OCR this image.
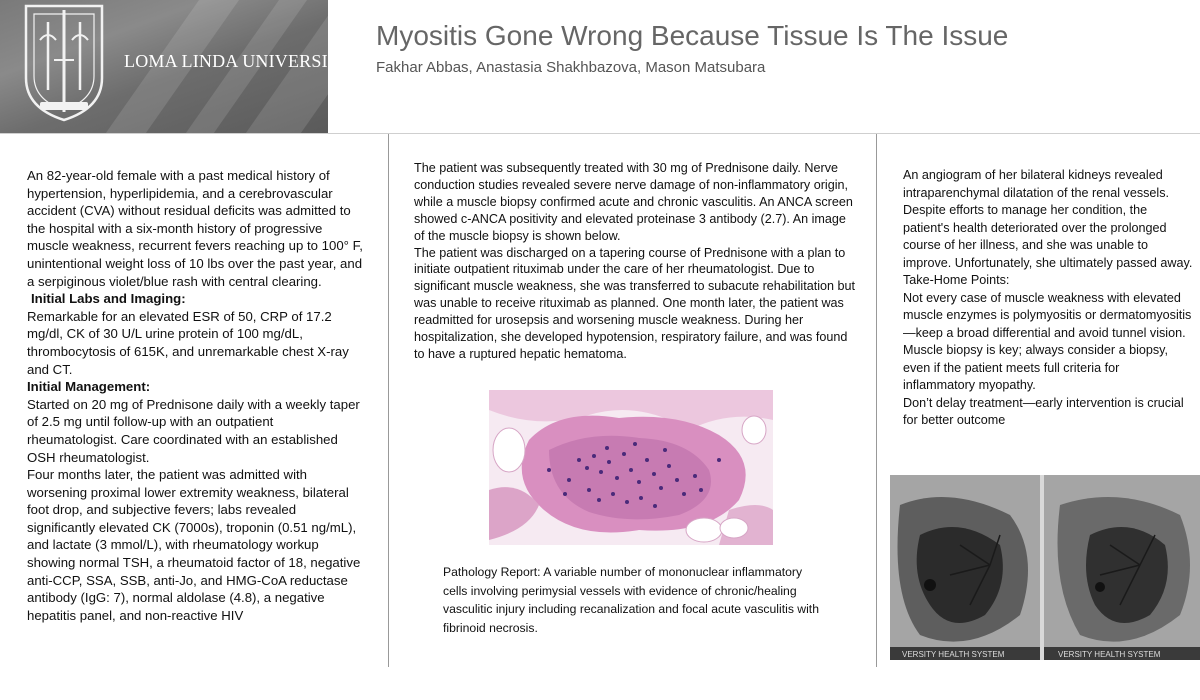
LOMA LINDA UNIVERSITY
Myositis Gone Wrong Because Tissue Is The Issue
Fakhar Abbas, Anastasia Shakhbazova, Mason Matsubara

An 82-year-old female with a past medical history of hypertension, hyperlipidemia, and a cerebrovascular accident (CVA) without residual deficits was admitted to the hospital with a six-month history of progressive muscle weakness, recurrent fevers reaching up to 100° F, unintentional weight loss of 10 lbs over the past year, and a serpiginous violet/blue rash with central clearing.

Initial Labs and Imaging:

Remarkable for an elevated ESR of 50, CRP of 17.2 mg/dl, CK of 30 U/L urine protein of 100 mg/dL, thrombocytosis of 615K, and unremarkable chest X-ray and CT.

Initial Management:

Started on 20 mg of Prednisone daily with a weekly taper of 2.5 mg until follow-up with an outpatient rheumatologist. Care coordinated with an established OSH rheumatologist.

Four months later, the patient was admitted with worsening proximal lower extremity weakness, bilateral foot drop, and subjective fevers; labs revealed significantly elevated CK (7000s), troponin (0.51 ng/mL), and lactate (3 mmol/L), with rheumatology workup showing normal TSH, a rheumatoid factor of 18, negative anti-CCP, SSA, SSB, anti-Jo, and HMG-CoA reductase antibody (IgG: 7), normal aldolase (4.8), a negative hepatitis panel, and non-reactive HIV

The patient was subsequently treated with 30 mg of Prednisone daily. Nerve conduction studies revealed severe nerve damage of non-inflammatory origin, while a muscle biopsy confirmed acute and chronic vasculitis. An ANCA screen showed c-ANCA positivity and elevated proteinase 3 antibody (2.7). An image of the muscle biopsy is shown below.

The patient was discharged on a tapering course of Prednisone with a plan to initiate outpatient rituximab under the care of her rheumatologist. Due to significant muscle weakness, she was transferred to subacute rehabilitation but was unable to receive rituximab as planned. One month later, the patient was readmitted for urosepsis and worsening muscle weakness. During her hospitalization, she developed hypotension, respiratory failure, and was found to have a ruptured hepatic hematoma.

Pathology Report: A variable number of mononuclear inflammatory cells involving perimysial vessels with evidence of chronic/healing vasculitic injury including recanalization and focal acute vasculitis with fibrinoid necrosis.

An angiogram of her bilateral kidneys revealed intraparenchymal dilatation of the renal vessels. Despite efforts to manage her condition, the patient's health deteriorated over the prolonged course of her illness, and she was unable to improve. Unfortunately, she ultimately passed away.

Take-Home Points:

Not every case of muscle weakness with elevated muscle enzymes is polymyositis or dermatomyositis—keep a broad differential and avoid tunnel vision.

Muscle biopsy is key; always consider a biopsy, even if the patient meets full criteria for inflammatory myopathy.

Don’t delay treatment—early intervention is crucial for better outcome

VERSITY HEALTH SYSTEM	VERSITY HEALTH SYSTEM
